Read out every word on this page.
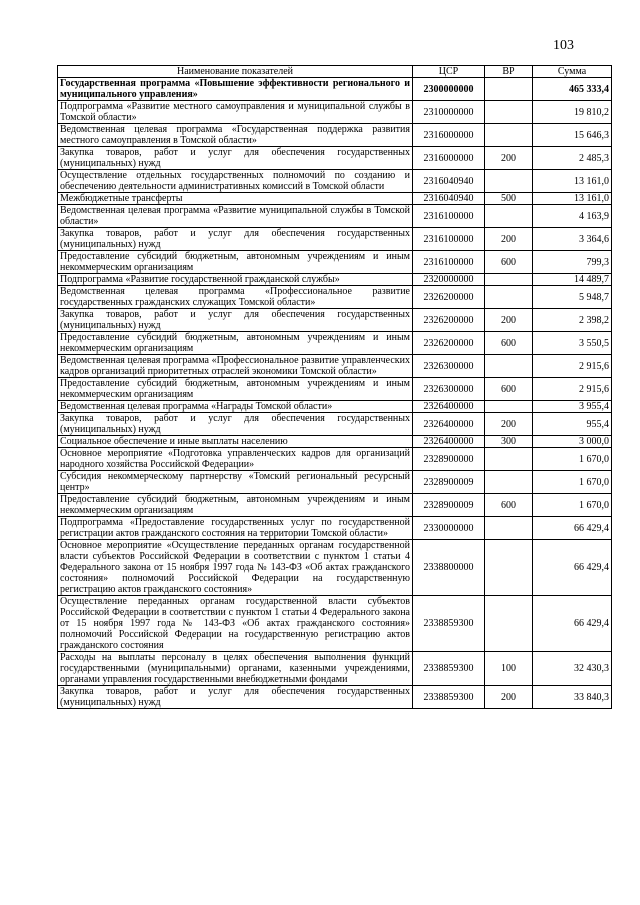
103
Наименование показателей	ЦСР	ВР	Сумма
Государственная программа «Повышение эффективности регионального и муниципального управления»	2300000000		465 333,4
Подпрограмма «Развитие местного самоуправления и муниципальной службы в Томской области»	2310000000		19 810,2
Ведомственная целевая программа «Государственная поддержка развития местного самоуправления в Томской области»	2316000000		15 646,3
Закупка товаров, работ и услуг для обеспечения государственных (муниципальных) нужд	2316000000	200	2 485,3
Осуществление отдельных государственных полномочий по созданию и обеспечению деятельности административных комиссий в Томской области	2316040940		13 161,0
Межбюджетные трансферты	2316040940	500	13 161,0
Ведомственная целевая программа «Развитие муниципальной службы в Томской области»	2316100000		4 163,9
Закупка товаров, работ и услуг для обеспечения государственных (муниципальных) нужд	2316100000	200	3 364,6
Предоставление субсидий бюджетным, автономным учреждениям и иным некоммерческим организациям	2316100000	600	799,3
Подпрограмма «Развитие государственной гражданской службы»	2320000000		14 489,7
Ведомственная целевая программа «Профессиональное развитие государственных гражданских служащих Томской области»	2326200000		5 948,7
Закупка товаров, работ и услуг для обеспечения государственных (муниципальных) нужд	2326200000	200	2 398,2
Предоставление субсидий бюджетным, автономным учреждениям и иным некоммерческим организациям	2326200000	600	3 550,5
Ведомственная целевая программа «Профессиональное развитие управленческих кадров организаций приоритетных отраслей экономики Томской области»	2326300000		2 915,6
Предоставление субсидий бюджетным, автономным учреждениям и иным некоммерческим организациям	2326300000	600	2 915,6
Ведомственная целевая программа «Награды Томской области»	2326400000		3 955,4
Закупка товаров, работ и услуг для обеспечения государственных (муниципальных) нужд	2326400000	200	955,4
Социальное обеспечение и иные выплаты населению	2326400000	300	3 000,0
Основное мероприятие «Подготовка управленческих кадров для организаций народного хозяйства Российской Федерации»	2328900000		1 670,0
Субсидия некоммерческому партнерству «Томский региональный ресурсный центр»	2328900009		1 670,0
Предоставление субсидий бюджетным, автономным учреждениям и иным некоммерческим организациям	2328900009	600	1 670,0
Подпрограмма «Предоставление государственных услуг по государственной регистрации актов гражданского состояния на территории Томской области»	2330000000		66 429,4
Основное мероприятие «Осуществление переданных органам государственной власти субъектов Российской Федерации в соответствии с пунктом 1 статьи 4 Федерального закона от 15 ноября 1997 года № 143-ФЗ «Об актах гражданского состояния» полномочий Российской Федерации на государственную регистрацию актов гражданского состояния»	2338800000		66 429,4
Осуществление переданных органам государственной власти субъектов Российской Федерации в соответствии с пунктом 1 статьи 4 Федерального закона от 15 ноября 1997 года № 143-ФЗ «Об актах гражданского состояния» полномочий Российской Федерации на государственную регистрацию актов гражданского состояния	2338859300		66 429,4
Расходы на выплаты персоналу в целях обеспечения выполнения функций государственными (муниципальными) органами, казенными учреждениями, органами управления государственными внебюджетными фондами	2338859300	100	32 430,3
Закупка товаров, работ и услуг для обеспечения государственных (муниципальных) нужд	2338859300	200	33 840,3
